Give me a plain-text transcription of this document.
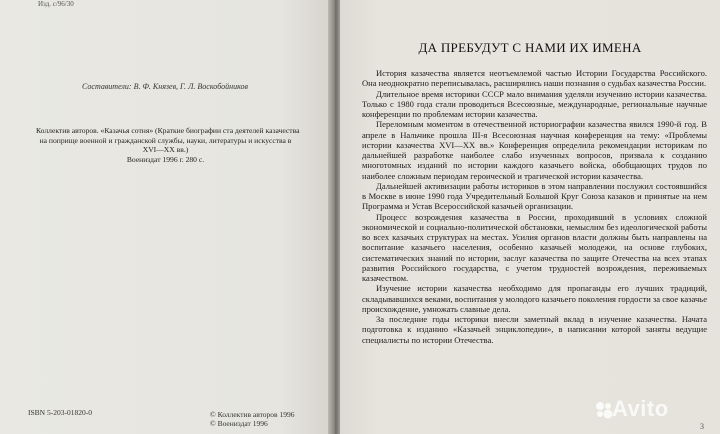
Изд. с/96/30

Составители: В. Ф. Князев, Г. Л. Воскобойников

Коллектив авторов. «Казачья сотня» (Краткие биографии ста деятелей казачества

на поприще военной и гражданской службы, науки, литературы и искусства в

XVI—XX вв.)

Воениздат 1996 г. 280 с.

ISBN 5-203-01820-0	© Коллектив авторов 1996
© Воениздат 1996
ДА ПРЕБУДУТ С НАМИ ИХ ИМЕНА

История казачества является неотъемлемой частью Истории Государства Российского. Она неоднократно переписывалась, расширялись наши познания о судьбах казачества России.

Длительное время историки СССР мало внимания уделяли изучению истории казачества. Только с 1980 года стали проводиться Всесоюзные, международные, региональные научные конференции по проблемам истории казачества.

Переломным моментом в отечественной историографии казачества явился 1990-й год. В апреле в Нальчике прошла III-я Всесоюзная научная конференция на тему: «Проблемы истории казачества XVI—XX вв.» Конференция определила рекомендации историкам по дальнейшей разработке наиболее слабо изученных вопросов, призвала к созданию многотомных изданий по истории каждого казачьего войска, обобщающих трудов по наиболее сложным периодам героической и трагической истории казачества.

Дальнейшей активизации работы историков в этом направлении послужил состоявшийся в Москве в июне 1990 года Учредительный Большой Круг Союза казаков и принятые на нем Программа и Устав Всероссийской казачьей организации.

Процесс возрождения казачества в России, проходивший в условиях сложной экономической и социально-политической обстановки, немыслим без идеологической работы во всех казачьих структурах на местах. Усилия органов власти должны быть направлены на воспитание казачьего населения, особенно казачьей молодежи, на основе глубоких, систематических знаний по истории, заслуг казачества по защите Отечества на всех этапах развития Российского государства, с учетом трудностей возрождения, переживаемых казачеством.

Изучение истории казачества необходимо для пропаганды его лучших традиций, складывавшихся веками, воспитания у молодого казачьего поколения гордости за свое казачье происхождение, умножать славные дела.

За последние годы историки внесли заметный вклад в изучение казачества. Начата подготовка к изданию «Казачьей энциклопедии», в написании которой заняты ведущие специалисты по истории Отечества.

3
Avito
